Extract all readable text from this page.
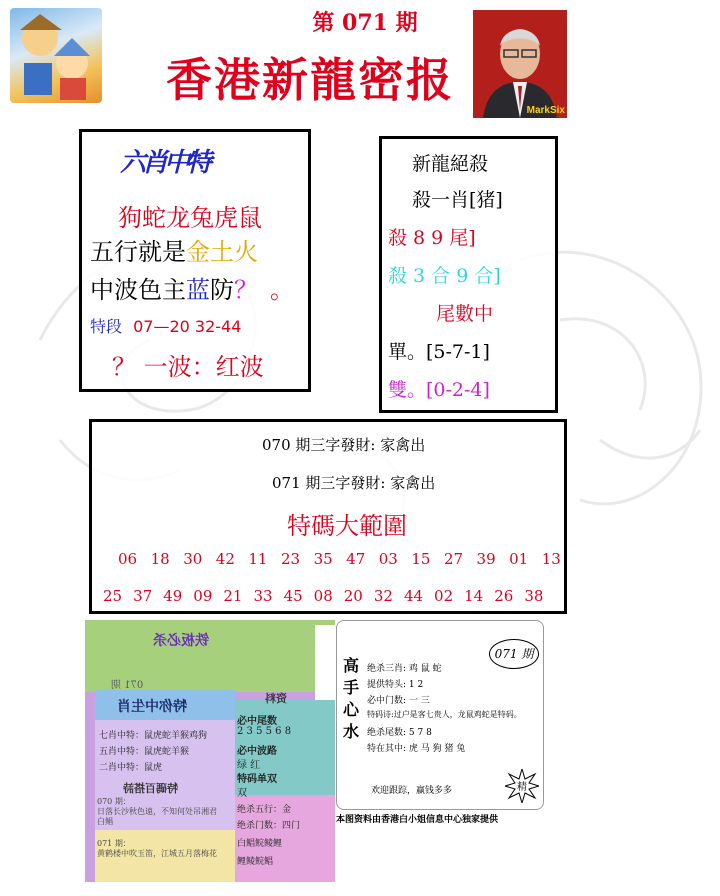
第 071 期
香港新龍密报
MarkSix
六肖中特
狗蛇龙兔虎鼠
五行就是金土火
中波色主蓝防？ 。
特段 07—20 32-44
？ 一波：红波
新龍絕殺
殺一肖[猪]
殺 8 9 尾]
殺 3 合 9 合]
尾數中
單。[5-7-1]
雙。[0-2-4]
070 期三字發財: 家禽出
071 期三字發財: 家禽出
特碼大範圍
06 18 30 42 11 23 35 47 03 15 27 39 01 13
25 37 49 09 21 33 45 08 20 32 44 02 14 26 38
铁板必杀
071 期
特你中生肖
七肖中特：鼠虎蛇羊猴鸡狗
五肖中特：鼠虎蛇羊猴
二肖中特：鼠虎
特碼百搭詩
070 期：
日落长沙秋色遠，不知何处吊湘君
白鲳
071 期：
黄鹤楼中吹玉笛，江城五月落梅花
资料
必中尾数
2 3 5 5 6 8
必中波路
绿 红
特码单双
双
绝杀五行：金
绝杀门数：四门
白鲳鲩鲮鲤
鲤鲮鲩鲳
高手心水
071 期
绝杀三肖: 鸡 鼠 蛇
提供特头: 1 2
必中门数: 一 三
特码诗:过户是客七贵人，龙鼠鸡蛇是特码。
绝杀尾数: 5 7 8
特在其中: 虎 马 狗 猪 兔
欢迎跟踪，赢钱多多	精
本图资料由香港白小姐信息中心独家提供
